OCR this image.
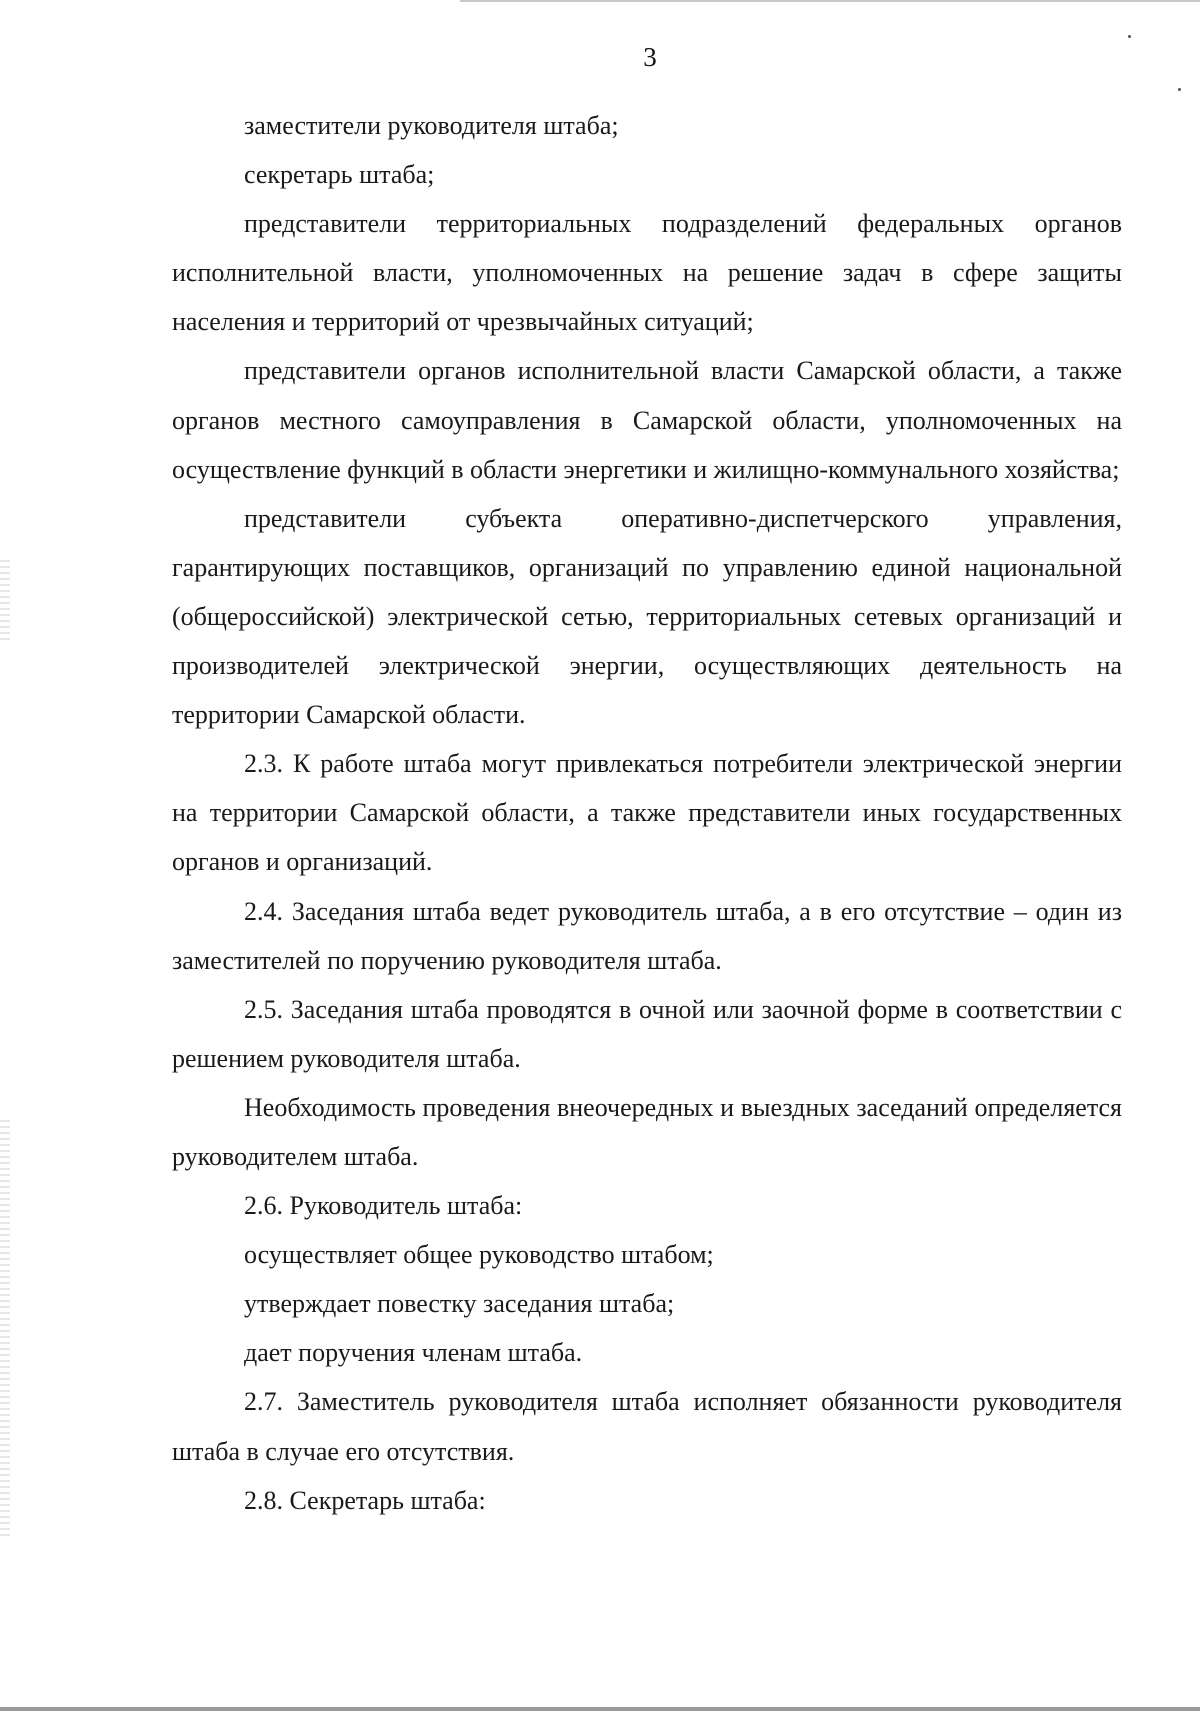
3

заместители руководителя штаба;

секретарь штаба;

представители территориальных подразделений федеральных органов исполнительной власти, уполномоченных на решение задач в сфере защиты населения и территорий от чрезвычайных ситуаций;

представители органов исполнительной власти Самарской области, а также органов местного самоуправления в Самарской области, уполномоченных на осуществление функций в области энергетики и жилищно-коммунального хозяйства;

представители субъекта оперативно-диспетчерского управления, гарантирующих поставщиков, организаций по управлению единой национальной (общероссийской) электрической сетью, территориальных сетевых организаций и производителей электрической энергии, осуществляющих деятельность на территории Самарской области.

2.3. К работе штаба могут привлекаться потребители электрической энергии на территории Самарской области, а также представители иных государственных органов и организаций.

2.4. Заседания штаба ведет руководитель штаба, а в его отсутствие – один из заместителей по поручению руководителя штаба.

2.5. Заседания штаба проводятся в очной или заочной форме в соответствии с решением руководителя штаба.

Необходимость проведения внеочередных и выездных заседаний определяется руководителем штаба.

2.6. Руководитель штаба:

осуществляет общее руководство штабом;

утверждает повестку заседания штаба;

дает поручения членам штаба.

2.7. Заместитель руководителя штаба исполняет обязанности руководителя штаба в случае его отсутствия.

2.8. Секретарь штаба:
